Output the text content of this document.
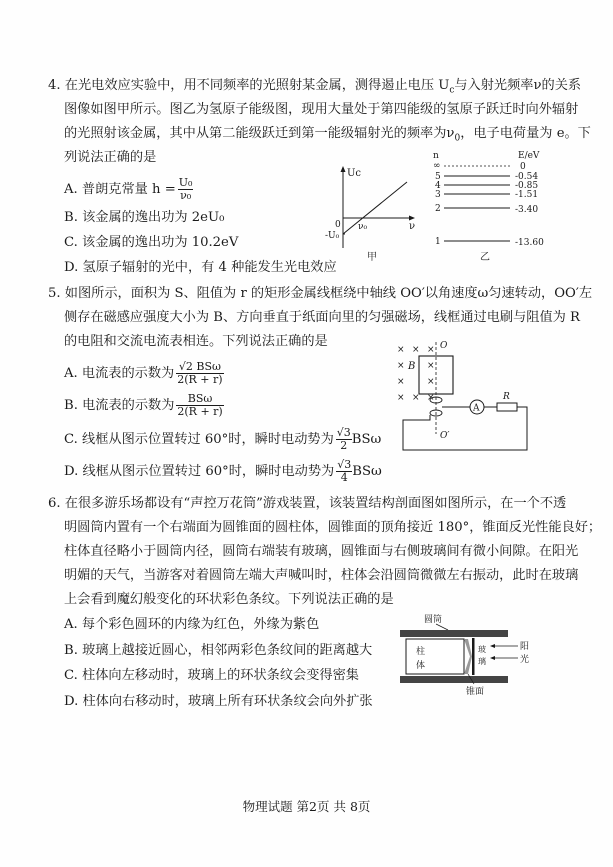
4. 在光电效应实验中，用不同频率的光照射某金属，测得遏止电压 $U_c$与入射光频率ν的关系
图像如图甲所示。图乙为氢原子能级图，现用大量处于第四能级的氢原子跃迁时向外辐射
的光照射该金属，其中从第二能级跃迁到第一能级辐射光的频率为$\nu_0$，电子电荷量为 e。下
列说法正确的是
A. 普朗克常量 $h = \frac{\text{U₀}}{\text{ν₀}}$
B. 该金属的逸出功为 2eU₀
C. 该金属的逸出功为 10.2eV
D. 氢原子辐射的光中，有 4 种能发生光电效应
Uc
ν
0
-U₀
ν₀
甲
n	E/eV
∞	0
5	-0.54
4	-0.85
3	-1.51
2	-3.40
1	-13.60
乙
5. 如图所示，面积为 S、阻值为 r 的矩形金属线框绕中轴线 OO′以角速度ω匀速转动，OO′左
侧存在磁感应强度大小为 B、方向垂直于纸面向里的匀强磁场，线框通过电刷与阻值为 R
的电阻和交流电流表相连。下列说法正确的是
A. 电流表的示数为 √2 BSω
2(R + r)
B. 电流表的示数为	BSω
2(R + r)
C. 线框从图示位置转过 60°时，瞬时电动势为 $\frac{√3}{2}$ BSω
D. 线框从图示位置转过 60°时，瞬时电动势为 $\frac{√3}{4}$ BSω
× × ×
× ×
× ×
× × ×
B
O
O′
A
R
6. 在很多游乐场都设有“声控万花筒”游戏装置，该装置结构剖面图如图所示，在一个不透
明圆筒内置有一个右端面为圆锥面的圆柱体，圆锥面的顶角接近 180°，锥面反光性能良好；
柱体直径略小于圆筒内径，圆筒右端装有玻璃，圆锥面与右侧玻璃间有微小间隙。在阳光
明媚的天气，当游客对着圆筒左端大声喊叫时，柱体会沿圆筒微微左右振动，此时在玻璃
上会看到魔幻般变化的环状彩色条纹。下列说法正确的是
A. 每个彩色圆环的内缘为红色，外缘为紫色
B. 玻璃上越接近圆心，相邻两彩色条纹间的距离越大
C. 柱体向左移动时，玻璃上的环状条纹会变得密集
D. 柱体向右移动时，玻璃上所有环状条纹会向外扩张
圆筒
柱
体
玻
璃
阳
光
锥面
物理试题 第2页 共 8页
